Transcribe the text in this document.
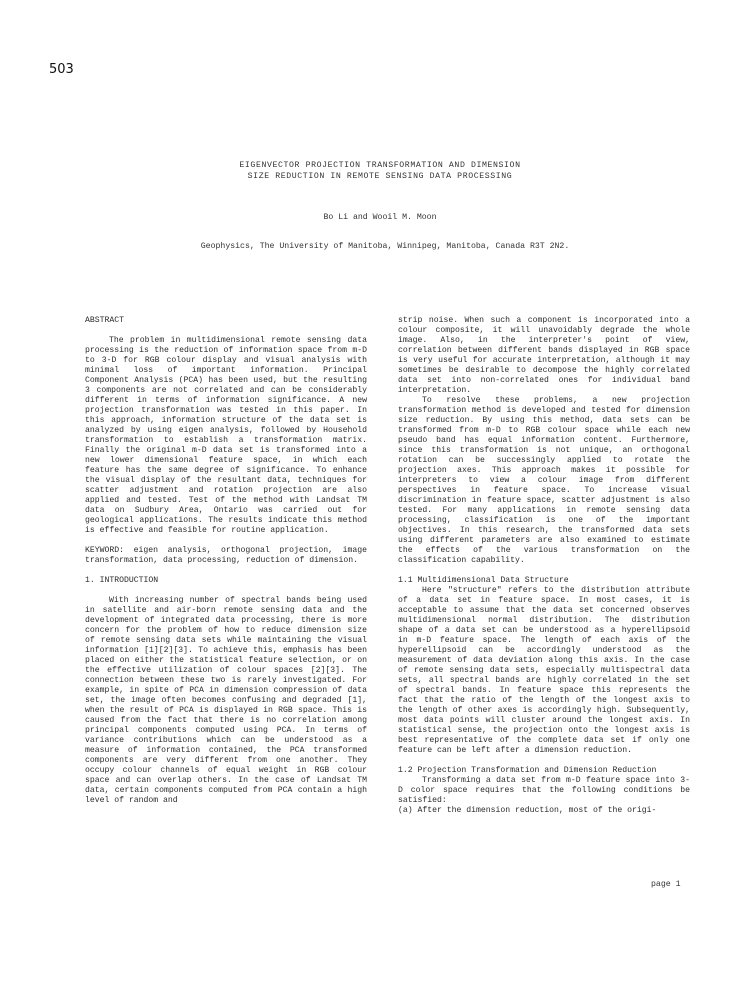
503
EIGENVECTOR PROJECTION TRANSFORMATION AND DIMENSION
SIZE REDUCTION IN REMOTE SENSING DATA PROCESSING
Bo Li and Wooil M. Moon
Geophysics, The University of Manitoba, Winnipeg, Manitoba, Canada R3T 2N2.

ABSTRACT

The problem in multidimensional remote sensing data processing is the reduction of information space from m-D to 3-D for RGB colour display and visual analysis with minimal loss of important information. Principal Component Analysis (PCA) has been used, but the resulting 3 components are not correlated and can be considerably different in terms of information significance. A new projection transformation was tested in this paper. In this approach, information structure of the data set is analyzed by using eigen analysis, followed by Household transformation to establish a transformation matrix. Finally the original m-D data set is transformed into a new lower dimensional feature space, in which each feature has the same degree of significance. To enhance the visual display of the resultant data, techniques for scatter adjustment and rotation projection are also applied and tested. Test of the method with Landsat TM data on Sudbury Area, Ontario was carried out for geological applications. The results indicate this method is effective and feasible for routine application.

KEYWORD: eigen analysis, orthogonal projection, image transformation, data processing, reduction of dimension.

1. INTRODUCTION

With increasing number of spectral bands being used in satellite and air-born remote sensing data and the development of integrated data processing, there is more concern for the problem of how to reduce dimension size of remote sensing data sets while maintaining the visual information [1][2][3]. To achieve this, emphasis has been placed on either the statistical feature selection, or on the effective utilization of colour spaces [2][3]. The connection between these two is rarely investigated. For example, in spite of PCA in dimension compression of data set, the image often becomes confusing and degraded [1], when the result of PCA is displayed in RGB space. This is caused from the fact that there is no correlation among principal components computed using PCA. In terms of variance contributions which can be understood as a measure of information contained, the PCA transformed components are very different from one another. They occupy colour channels of equal weight in RGB colour space and can overlap others. In the case of Landsat TM data, certain components computed from PCA contain a high level of random and

strip noise. When such a component is incorporated into a colour composite, it will unavoidably degrade the whole image. Also, in the interpreter's point of view, correlation between different bands displayed in RGB space is very useful for accurate interpretation, although it may sometimes be desirable to decompose the highly correlated data set into non-correlated ones for individual band interpretation.

To resolve these problems, a new projection transformation method is developed and tested for dimension size reduction. By using this method, data sets can be transformed from m-D to RGB colour space while each new pseudo band has equal information content. Furthermore, since this transformation is not unique, an orthogonal rotation can be successingly applied to rotate the projection axes. This approach makes it possible for interpreters to view a colour image from different perspectives in feature space. To increase visual discrimination in feature space, scatter adjustment is also tested. For many applications in remote sensing data processing, classification is one of the important objectives. In this research, the transformed data sets using different parameters are also examined to estimate the effects of the various transformation on the classification capability.

1.1 Multidimensional Data Structure

Here "structure" refers to the distribution attribute of a data set in feature space. In most cases, it is acceptable to assume that the data set concerned observes multidimensional normal distribution. The distribution shape of a data set can be understood as a hyperellipsoid in m-D feature space. The length of each axis of the hyperellipsoid can be accordingly understood as the measurement of data deviation along this axis. In the case of remote sensing data sets, especially multispectral data sets, all spectral bands are highly correlated in the set of spectral bands. In feature space this represents the fact that the ratio of the length of the longest axis to the length of other axes is accordingly high. Subsequently, most data points will cluster around the longest axis. In statistical sense, the projection onto the longest axis is best representative of the complete data set if only one feature can be left after a dimension reduction.

1.2 Projection Transformation and Dimension Reduction

Transforming a data set from m-D feature space into 3-D color space requires that the following conditions be satisfied:

(a) After the dimension reduction, most of the origi-

page 1
